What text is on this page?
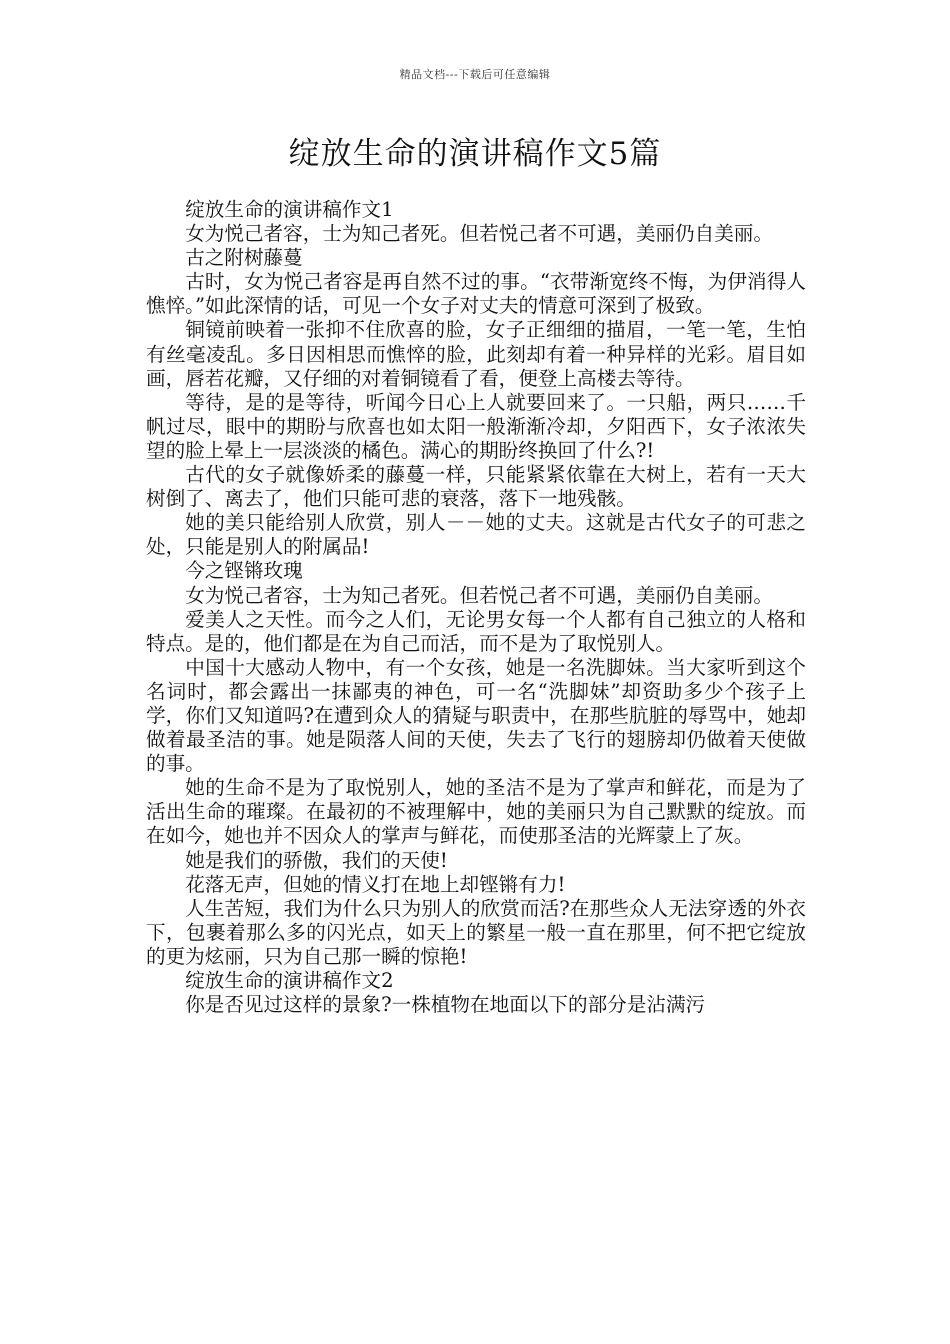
精品文档---下载后可任意编辑
绽放生命的演讲稿作文5篇

绽放生命的演讲稿作文1

女为悦己者容，士为知己者死。但若悦己者不可遇，美丽仍自美丽。

古之附树藤蔓

古时，女为悦己者容是再自然不过的事。“衣带渐宽终不悔，为伊消得人憔悴。”如此深情的话，可见一个女子对丈夫的情意可深到了极致。

铜镜前映着一张抑不住欣喜的脸，女子正细细的描眉，一笔一笔，生怕有丝毫凌乱。多日因相思而憔悴的脸，此刻却有着一种异样的光彩。眉目如画，唇若花瓣，又仔细的对着铜镜看了看，便登上高楼去等待。

等待，是的是等待，听闻今日心上人就要回来了。一只船，两只……千帆过尽，眼中的期盼与欣喜也如太阳一般渐渐冷却，夕阳西下，女子浓浓失望的脸上晕上一层淡淡的橘色。满心的期盼终换回了什么?!

古代的女子就像娇柔的藤蔓一样，只能紧紧依靠在大树上，若有一天大树倒了、离去了，他们只能可悲的衰落，落下一地残骸。

她的美只能给别人欣赏，别人－－她的丈夫。这就是古代女子的可悲之处，只能是别人的附属品!

今之铿锵玫瑰

女为悦己者容，士为知己者死。但若悦己者不可遇，美丽仍自美丽。

爱美人之天性。而今之人们，无论男女每一个人都有自己独立的人格和特点。是的，他们都是在为自己而活，而不是为了取悦别人。

中国十大感动人物中，有一个女孩，她是一名洗脚妹。当大家听到这个名词时，都会露出一抹鄙夷的神色，可一名“洗脚妹”却资助多少个孩子上学，你们又知道吗?在遭到众人的猜疑与职责中，在那些肮脏的辱骂中，她却做着最圣洁的事。她是陨落人间的天使，失去了飞行的翅膀却仍做着天使做的事。

她的生命不是为了取悦别人，她的圣洁不是为了掌声和鲜花，而是为了活出生命的璀璨。在最初的不被理解中，她的美丽只为自己默默的绽放。而在如今，她也并不因众人的掌声与鲜花，而使那圣洁的光辉蒙上了灰。

她是我们的骄傲，我们的天使!

花落无声，但她的情义打在地上却铿锵有力!

人生苦短，我们为什么只为别人的欣赏而活?在那些众人无法穿透的外衣下，包裹着那么多的闪光点，如天上的繁星一般一直在那里，何不把它绽放的更为炫丽，只为自己那一瞬的惊艳!

绽放生命的演讲稿作文2

你是否见过这样的景象?一株植物在地面以下的部分是沾满污
